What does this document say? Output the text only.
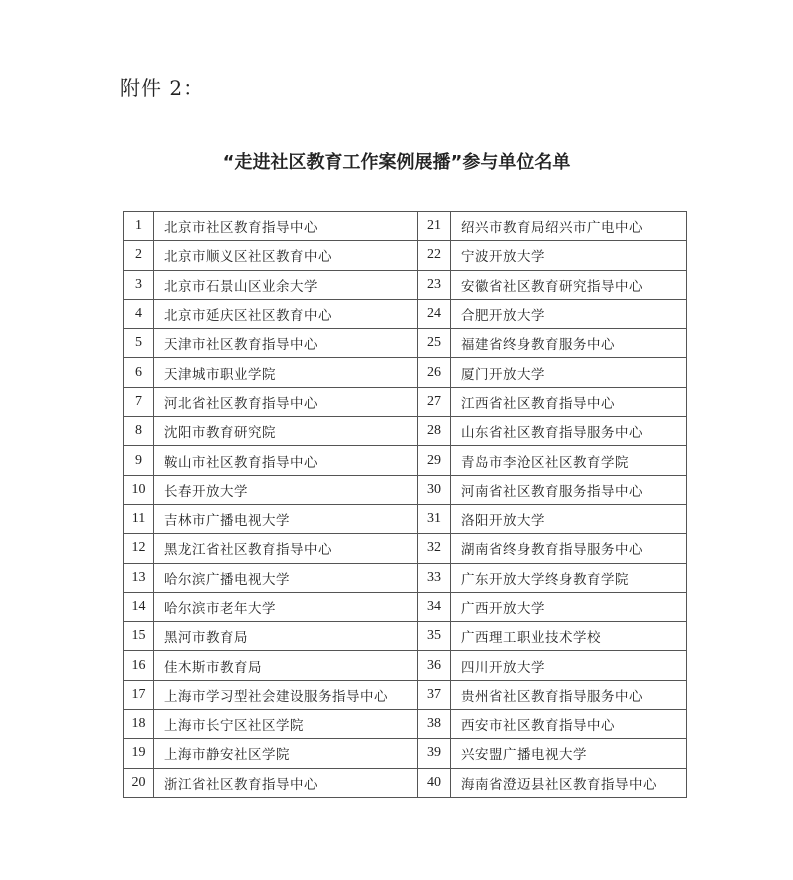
附件 2：
“走进社区教育工作案例展播”参与单位名单
1	北京市社区教育指导中心	21	绍兴市教育局绍兴市广电中心
2	北京市顺义区社区教育中心	22	宁波开放大学
3	北京市石景山区业余大学	23	安徽省社区教育研究指导中心
4	北京市延庆区社区教育中心	24	合肥开放大学
5	天津市社区教育指导中心	25	福建省终身教育服务中心
6	天津城市职业学院	26	厦门开放大学
7	河北省社区教育指导中心	27	江西省社区教育指导中心
8	沈阳市教育研究院	28	山东省社区教育指导服务中心
9	鞍山市社区教育指导中心	29	青岛市李沧区社区教育学院
10	长春开放大学	30	河南省社区教育服务指导中心
11	吉林市广播电视大学	31	洛阳开放大学
12	黑龙江省社区教育指导中心	32	湖南省终身教育指导服务中心
13	哈尔滨广播电视大学	33	广东开放大学终身教育学院
14	哈尔滨市老年大学	34	广西开放大学
15	黑河市教育局	35	广西理工职业技术学校
16	佳木斯市教育局	36	四川开放大学
17	上海市学习型社会建设服务指导中心	37	贵州省社区教育指导服务中心
18	上海市长宁区社区学院	38	西安市社区教育指导中心
19	上海市静安社区学院	39	兴安盟广播电视大学
20	浙江省社区教育指导中心	40	海南省澄迈县社区教育指导中心
